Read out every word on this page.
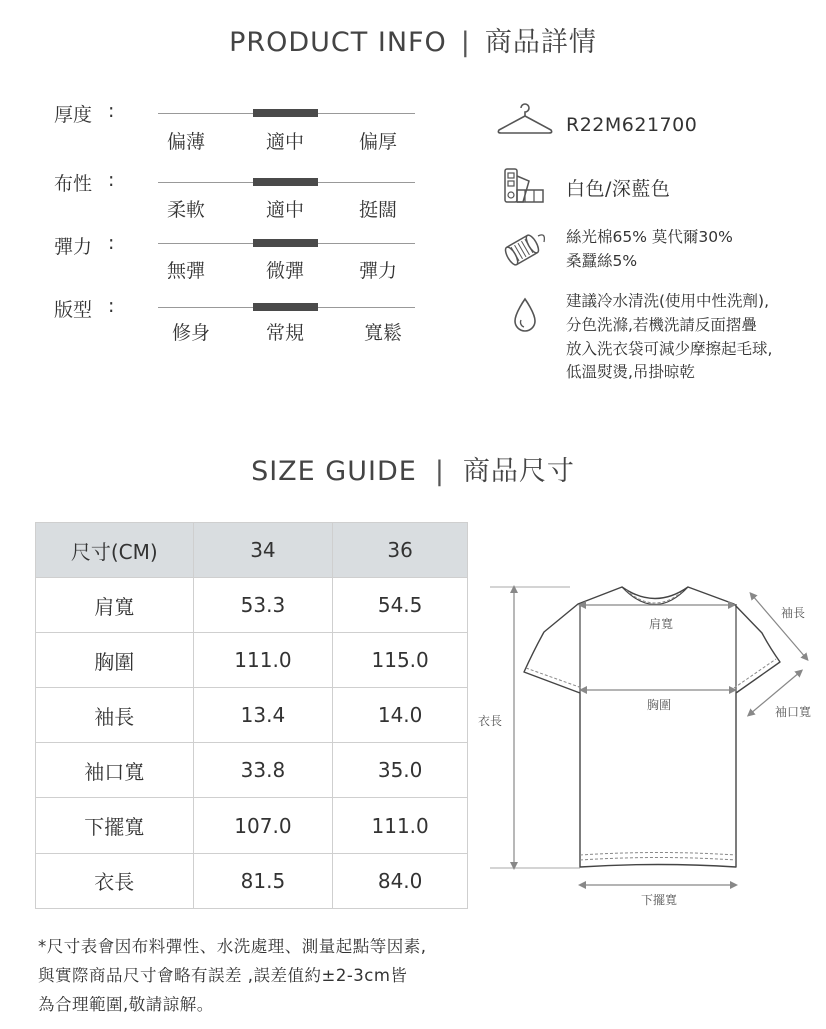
PRODUCT INFO | 商品詳情
厚度 :
偏薄	適中	偏厚
布性 :
柔軟	適中	挺闊
彈力 :
無彈	微彈	彈力
版型 :
修身	常規	寬鬆
R22M621700
白色/深藍色
絲光棉65% 莫代爾30%
桑蠶絲5%
建議冷水清洗(使用中性洗劑),
分色洗滌,若機洗請反面摺疊
放入洗衣袋可減少摩擦起毛球,
低溫熨燙,吊掛晾乾
SIZE GUIDE | 商品尺寸
尺寸(CM)	34	36
肩寬	53.3	54.5
胸圍	111.0	115.0
袖長	13.4	14.0
袖口寬	33.8	35.0
下擺寬	107.0	111.0
衣長	81.5	84.0
衣長
肩寬
胸圍
下擺寬
袖長
袖口寬
*尺寸表會因布料彈性、水洗處理、測量起點等因素,
與實際商品尺寸會略有誤差 ,誤差值約±2-3cm皆
為合理範圍,敬請諒解。
